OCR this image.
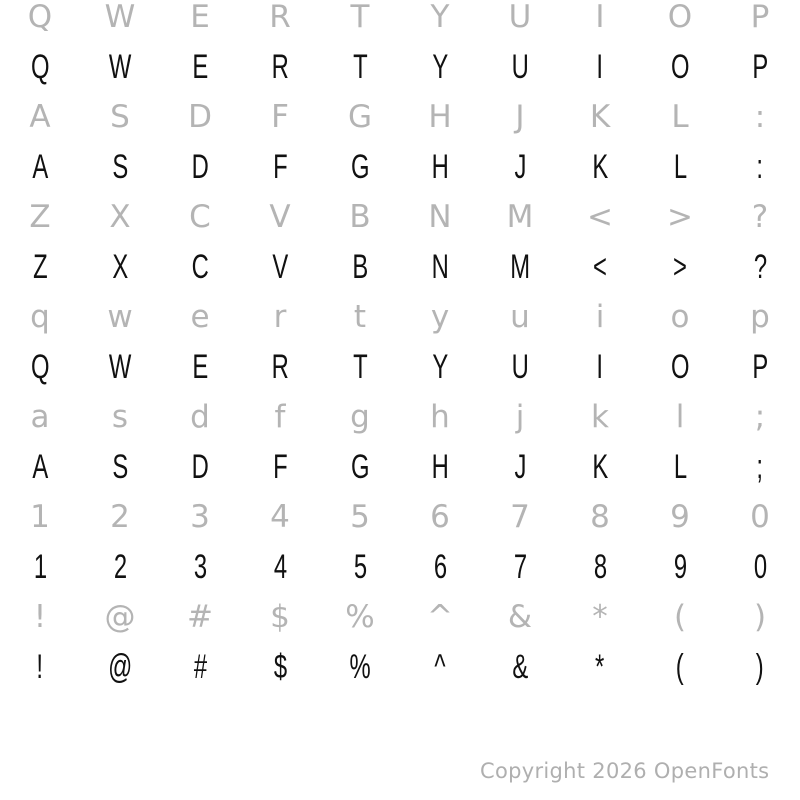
Q W E R T Y U I O P
Q W E R T Y U I O P
A S D F G H J K L :
A S D F G H J K L :
Z X C V B N M < > ?
Z X C V B N M < > ?
q w e r t y u i o p
Q W E R T Y U I O P
a s d f g h j k l ;
A S D F G H J K L ;
1 2 3 4 5 6 7 8 9 0
1 2 3 4 5 6 7 8 9 0
! @ # $ % ^ & * ( )
! @ # $ % ^ & * ( )
Copyright 2026 OpenFonts
